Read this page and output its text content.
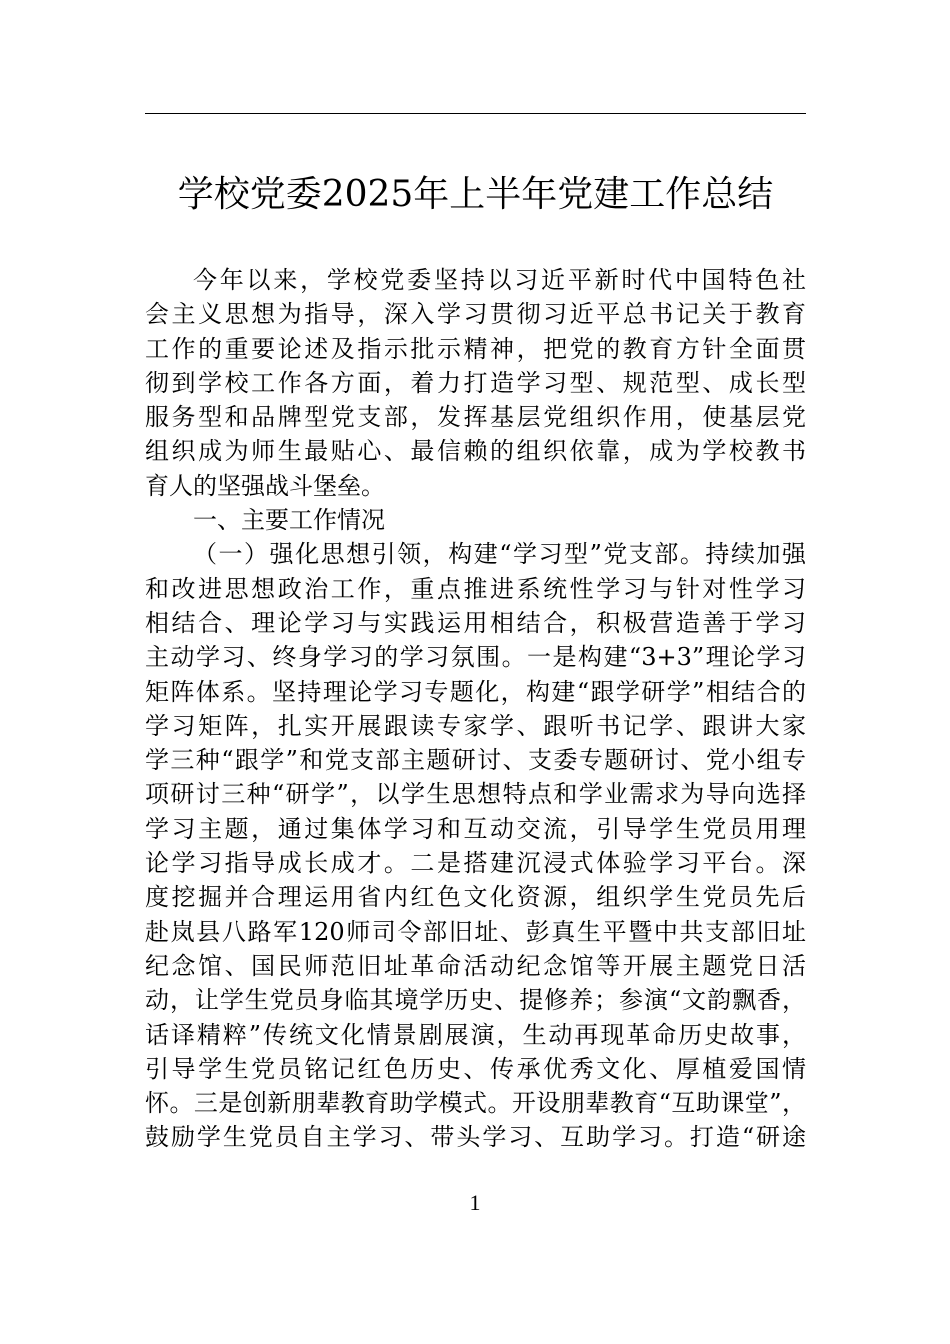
学校党委2025年上半年党建工作总结
今年以来，学校党委坚持以习近平新时代中国特色社
会主义思想为指导，深入学习贯彻习近平总书记关于教育
工作的重要论述及指示批示精神，把党的教育方针全面贯
彻到学校工作各方面，着力打造学习型、规范型、成长型
服务型和品牌型党支部，发挥基层党组织作用，使基层党
组织成为师生最贴心、最信赖的组织依靠，成为学校教书
育人的坚强战斗堡垒。
一、主要工作情况
（一）强化思想引领，构建“学习型”党支部。持续加强
和改进思想政治工作，重点推进系统性学习与针对性学习
相结合、理论学习与实践运用相结合，积极营造善于学习
主动学习、终身学习的学习氛围。一是构建“3+3”理论学习
矩阵体系。坚持理论学习专题化，构建“跟学研学”相结合的
学习矩阵，扎实开展跟读专家学、跟听书记学、跟讲大家
学三种“跟学”和党支部主题研讨、支委专题研讨、党小组专
项研讨三种“研学”，以学生思想特点和学业需求为导向选择
学习主题，通过集体学习和互动交流，引导学生党员用理
论学习指导成长成才。二是搭建沉浸式体验学习平台。深
度挖掘并合理运用省内红色文化资源，组织学生党员先后
赴岚县八路军120师司令部旧址、彭真生平暨中共支部旧址
纪念馆、国民师范旧址革命活动纪念馆等开展主题党日活
动，让学生党员身临其境学历史、提修养；参演“文韵飘香，
话译精粹”传统文化情景剧展演，生动再现革命历史故事，
引导学生党员铭记红色历史、传承优秀文化、厚植爱国情
怀。三是创新朋辈教育助学模式。开设朋辈教育“互助课堂”，
鼓励学生党员自主学习、带头学习、互助学习。打造“研途
1
